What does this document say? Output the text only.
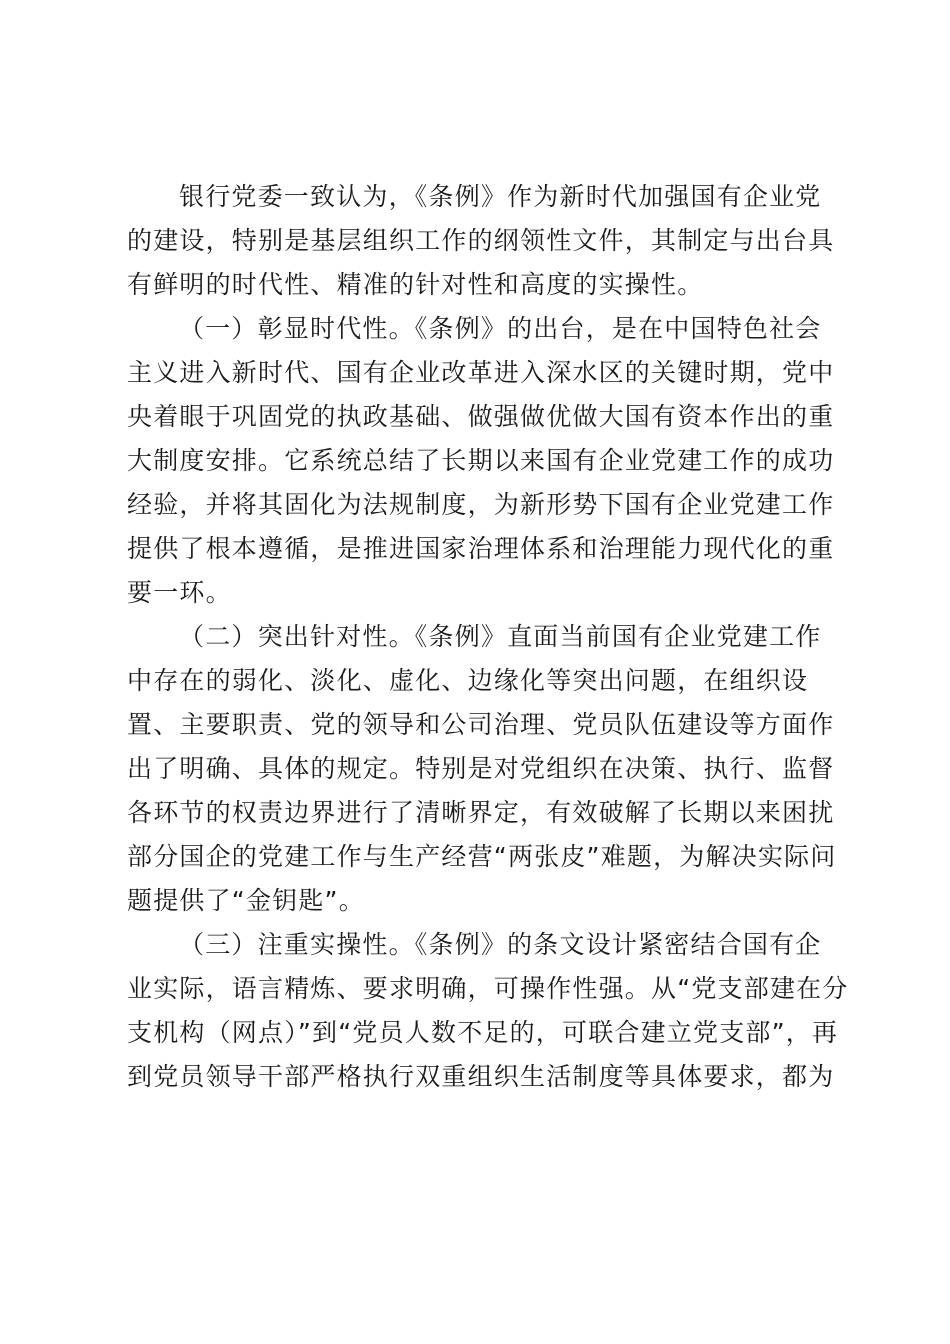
银行党委一致认为，《条例》作为新时代加强国有企业党
的建设，特别是基层组织工作的纲领性文件，其制定与出台具
有鲜明的时代性、精准的针对性和高度的实操性。
（一）彰显时代性。《条例》的出台，是在中国特色社会
主义进入新时代、国有企业改革进入深水区的关键时期，党中
央着眼于巩固党的执政基础、做强做优做大国有资本作出的重
大制度安排。它系统总结了长期以来国有企业党建工作的成功
经验，并将其固化为法规制度，为新形势下国有企业党建工作
提供了根本遵循，是推进国家治理体系和治理能力现代化的重
要一环。
（二）突出针对性。《条例》直面当前国有企业党建工作
中存在的弱化、淡化、虚化、边缘化等突出问题，在组织设
置、主要职责、党的领导和公司治理、党员队伍建设等方面作
出了明确、具体的规定。特别是对党组织在决策、执行、监督
各环节的权责边界进行了清晰界定，有效破解了长期以来困扰
部分国企的党建工作与生产经营“两张皮”难题，为解决实际问
题提供了“金钥匙”。
（三）注重实操性。《条例》的条文设计紧密结合国有企
业实际，语言精炼、要求明确，可操作性强。从“党支部建在分
支机构（网点）”到“党员人数不足的，可联合建立党支部”，再
到党员领导干部严格执行双重组织生活制度等具体要求，都为
